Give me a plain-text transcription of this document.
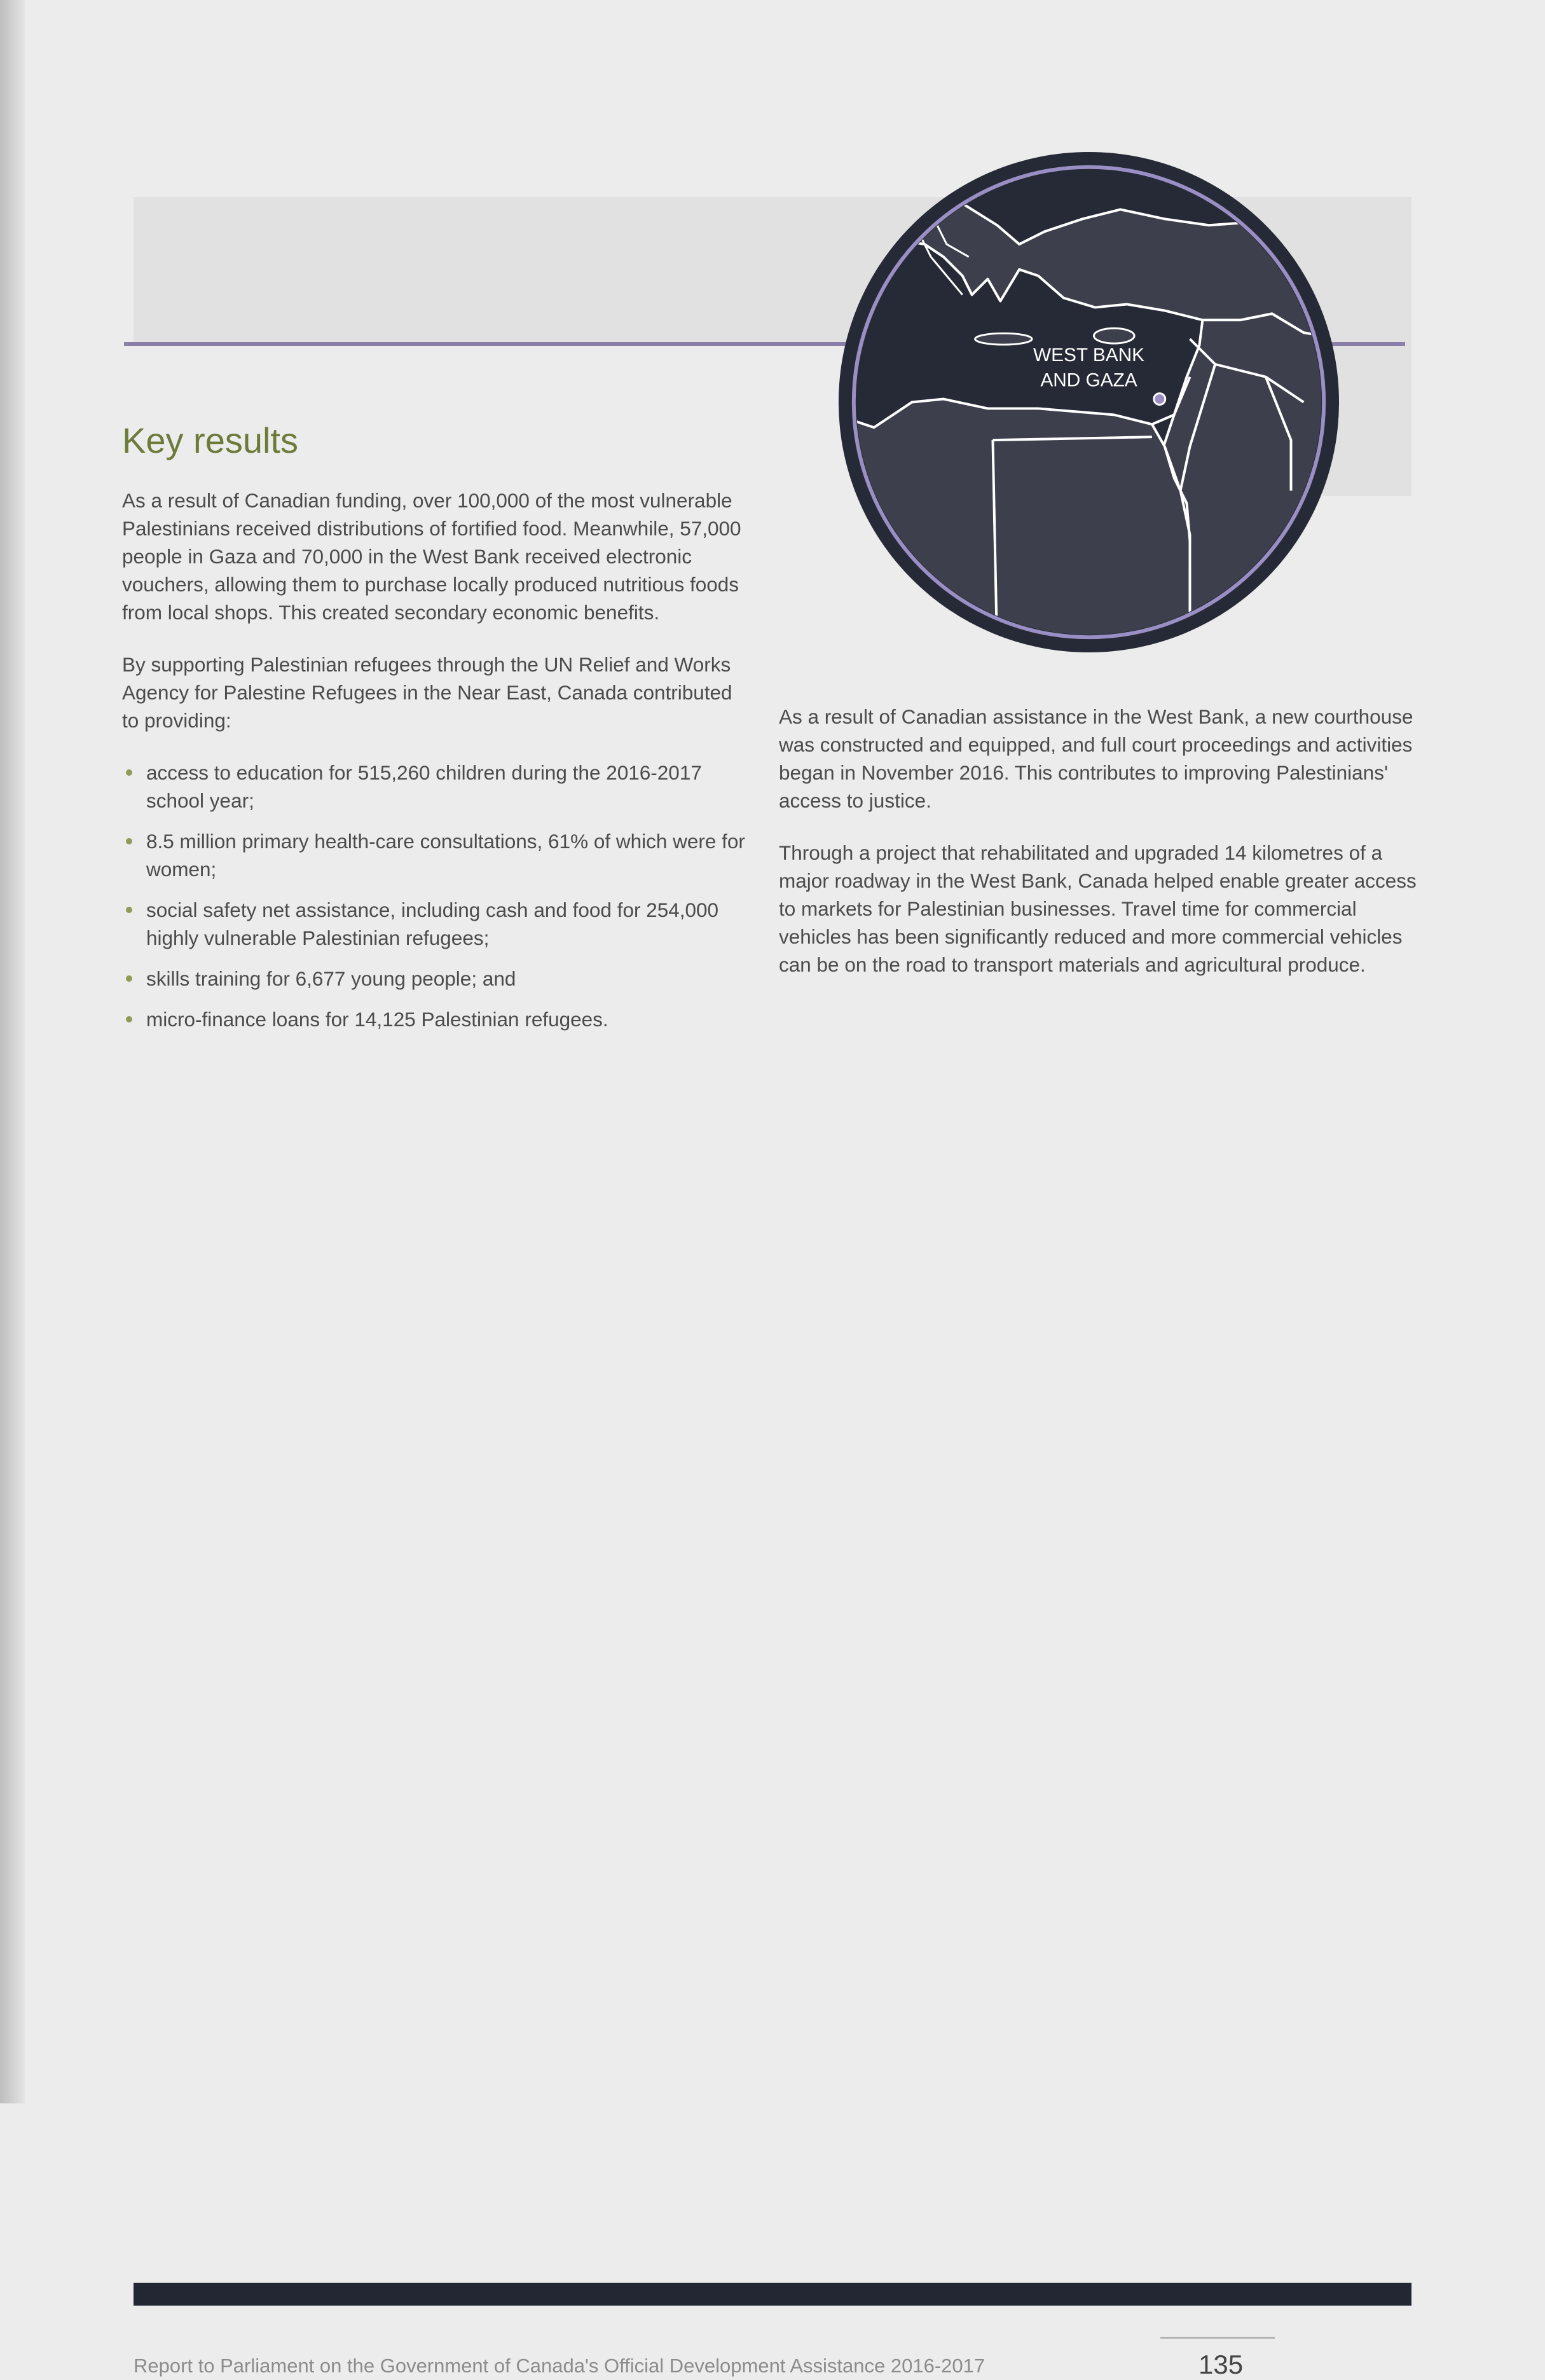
WEST BANK
AND GAZA
Key results

As a result of Canadian funding, over 100,000 of the most vulnerable Palestinians received distributions of fortified food. Meanwhile, 57,000 people in Gaza and 70,000 in the West Bank received electronic vouchers, allowing them to purchase locally produced nutritious foods from local shops. This created secondary economic benefits.

By supporting Palestinian refugees through the UN Relief and Works Agency for Palestine Refugees in the Near East, Canada contributed to providing:

access to education for 515,260 children during the 2016-2017 school year;
8.5 million primary health-care consultations, 61% of which were for women;
social safety net assistance, including cash and food for 254,000 highly vulnerable Palestinian refugees;
skills training for 6,677 young people; and
micro-finance loans for 14,125 Palestinian refugees.

As a result of Canadian assistance in the West Bank, a new courthouse was constructed and equipped, and full court proceedings and activities began in November 2016. This contributes to improving Palestinians' access to justice.

Through a project that rehabilitated and upgraded 14 kilometres of a major roadway in the West Bank, Canada helped enable greater access to markets for Palestinian businesses. Travel time for commercial vehicles has been significantly reduced and more commercial vehicles can be on the road to transport materials and agricultural produce.

Report to Parliament on the Government of Canada's Official Development Assistance 2016-2017	135
